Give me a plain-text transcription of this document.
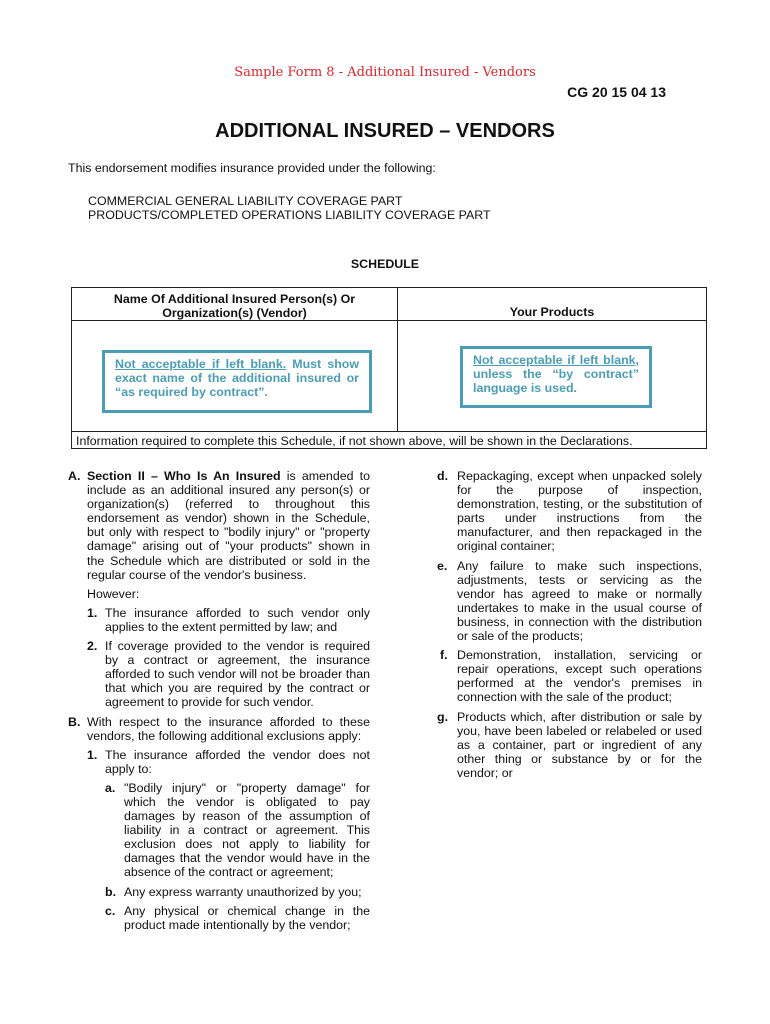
Sample Form 8 - Additional Insured - Vendors
CG 20 15 04 13
ADDITIONAL INSURED – VENDORS
This endorsement modifies insurance provided under the following:
COMMERCIAL GENERAL LIABILITY COVERAGE PART
PRODUCTS/COMPLETED OPERATIONS LIABILITY COVERAGE PART
SCHEDULE
Name Of Additional Insured Person(s) Or Organization(s) (Vendor)	Your Products
Not acceptable if left blank. Must show exact name of the additional insured or “as required by contract”.
Not acceptable if left blank, unless the “by contract” language is used.
Information required to complete this Schedule, if not shown above, will be shown in the Declarations.
A. Section II – Who Is An Insured is amended to include as an additional insured any person(s) or organization(s) (referred to throughout this endorsement as vendor) shown in the Schedule, but only with respect to "bodily injury" or "property damage" arising out of "your products" shown in the Schedule which are distributed or sold in the regular course of the vendor's business.
However:
1. The insurance afforded to such vendor only applies to the extent permitted by law; and
2. If coverage provided to the vendor is required by a contract or agreement, the insurance afforded to such vendor will not be broader than that which you are required by the contract or agreement to provide for such vendor.
B. With respect to the insurance afforded to these vendors, the following additional exclusions apply:
1. The insurance afforded the vendor does not apply to:
a. "Bodily injury" or "property damage" for which the vendor is obligated to pay damages by reason of the assumption of liability in a contract or agreement. This exclusion does not apply to liability for damages that the vendor would have in the absence of the contract or agreement;
b. Any express warranty unauthorized by you;
c. Any physical or chemical change in the product made intentionally by the vendor;
d. Repackaging, except when unpacked solely for the purpose of inspection, demonstration, testing, or the substitution of parts under instructions from the manufacturer, and then repackaged in the original container;
e. Any failure to make such inspections, adjustments, tests or servicing as the vendor has agreed to make or normally undertakes to make in the usual course of business, in connection with the distribution or sale of the products;
f. Demonstration, installation, servicing or repair operations, except such operations performed at the vendor's premises in connection with the sale of the product;
g. Products which, after distribution or sale by you, have been labeled or relabeled or used as a container, part or ingredient of any other thing or substance by or for the vendor; or
